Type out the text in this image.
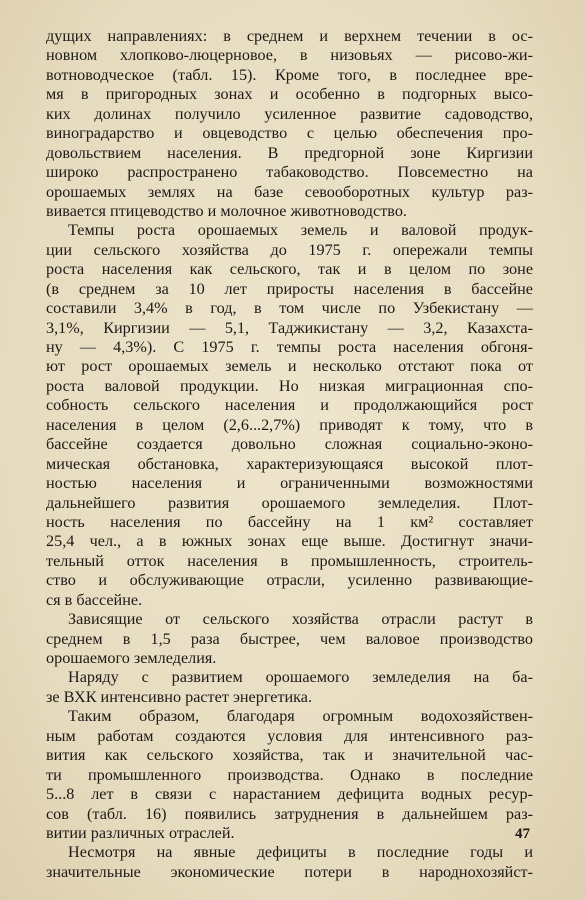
дущих направлениях: в среднем и верхнем течении в ос-
новном хлопково-люцерновое, в низовьях — рисово-жи-
вотноводческое (табл. 15). Кроме того, в последнее вре-
мя в пригородных зонах и особенно в подгорных высо-
ких долинах получило усиленное развитие садоводство,
виноградарство и овцеводство с целью обеспечения про-
довольствием населения. В предгорной зоне Киргизии
широко распространено табаководство. Повсеместно на
орошаемых землях на базе севооборотных культур раз-
вивается птицеводство и молочное животноводство.
Темпы роста орошаемых земель и валовой продук-
ции сельского хозяйства до 1975 г. опережали темпы
роста населения как сельского, так и в целом по зоне
(в среднем за 10 лет приросты населения в бассейне
составили 3,4% в год, в том числе по Узбекистану —
3,1%, Киргизии — 5,1, Таджикистану — 3,2, Казахста-
ну — 4,3%). С 1975 г. темпы роста населения обгоня-
ют рост орошаемых земель и несколько отстают пока от
роста валовой продукции. Но низкая миграционная спо-
собность сельского населения и продолжающийся рост
населения в целом (2,6...2,7%) приводят к тому, что в
бассейне создается довольно сложная социально-эконо-
мическая обстановка, характеризующаяся высокой плот-
ностью населения и ограниченными возможностями
дальнейшего развития орошаемого земледелия. Плот-
ность населения по бассейну на 1 км² составляет
25,4 чел., а в южных зонах еще выше. Достигнут значи-
тельный отток населения в промышленность, строитель-
ство и обслуживающие отрасли, усиленно развивающие-
ся в бассейне.
Зависящие от сельского хозяйства отрасли растут в
среднем в 1,5 раза быстрее, чем валовое производство
орошаемого земледелия.
Наряду с развитием орошаемого земледелия на ба-
зе ВХК интенсивно растет энергетика.
Таким образом, благодаря огромным водохозяйствен-
ным работам создаются условия для интенсивного раз-
вития как сельского хозяйства, так и значительной час-
ти промышленного производства. Однако в последние
5...8 лет в связи с нарастанием дефицита водных ресур-
сов (табл. 16) появились затруднения в дальнейшем раз-
витии различных отраслей.
Несмотря на явные дефициты в последние годы и
значительные экономические потери в народнохозяйст-
47
